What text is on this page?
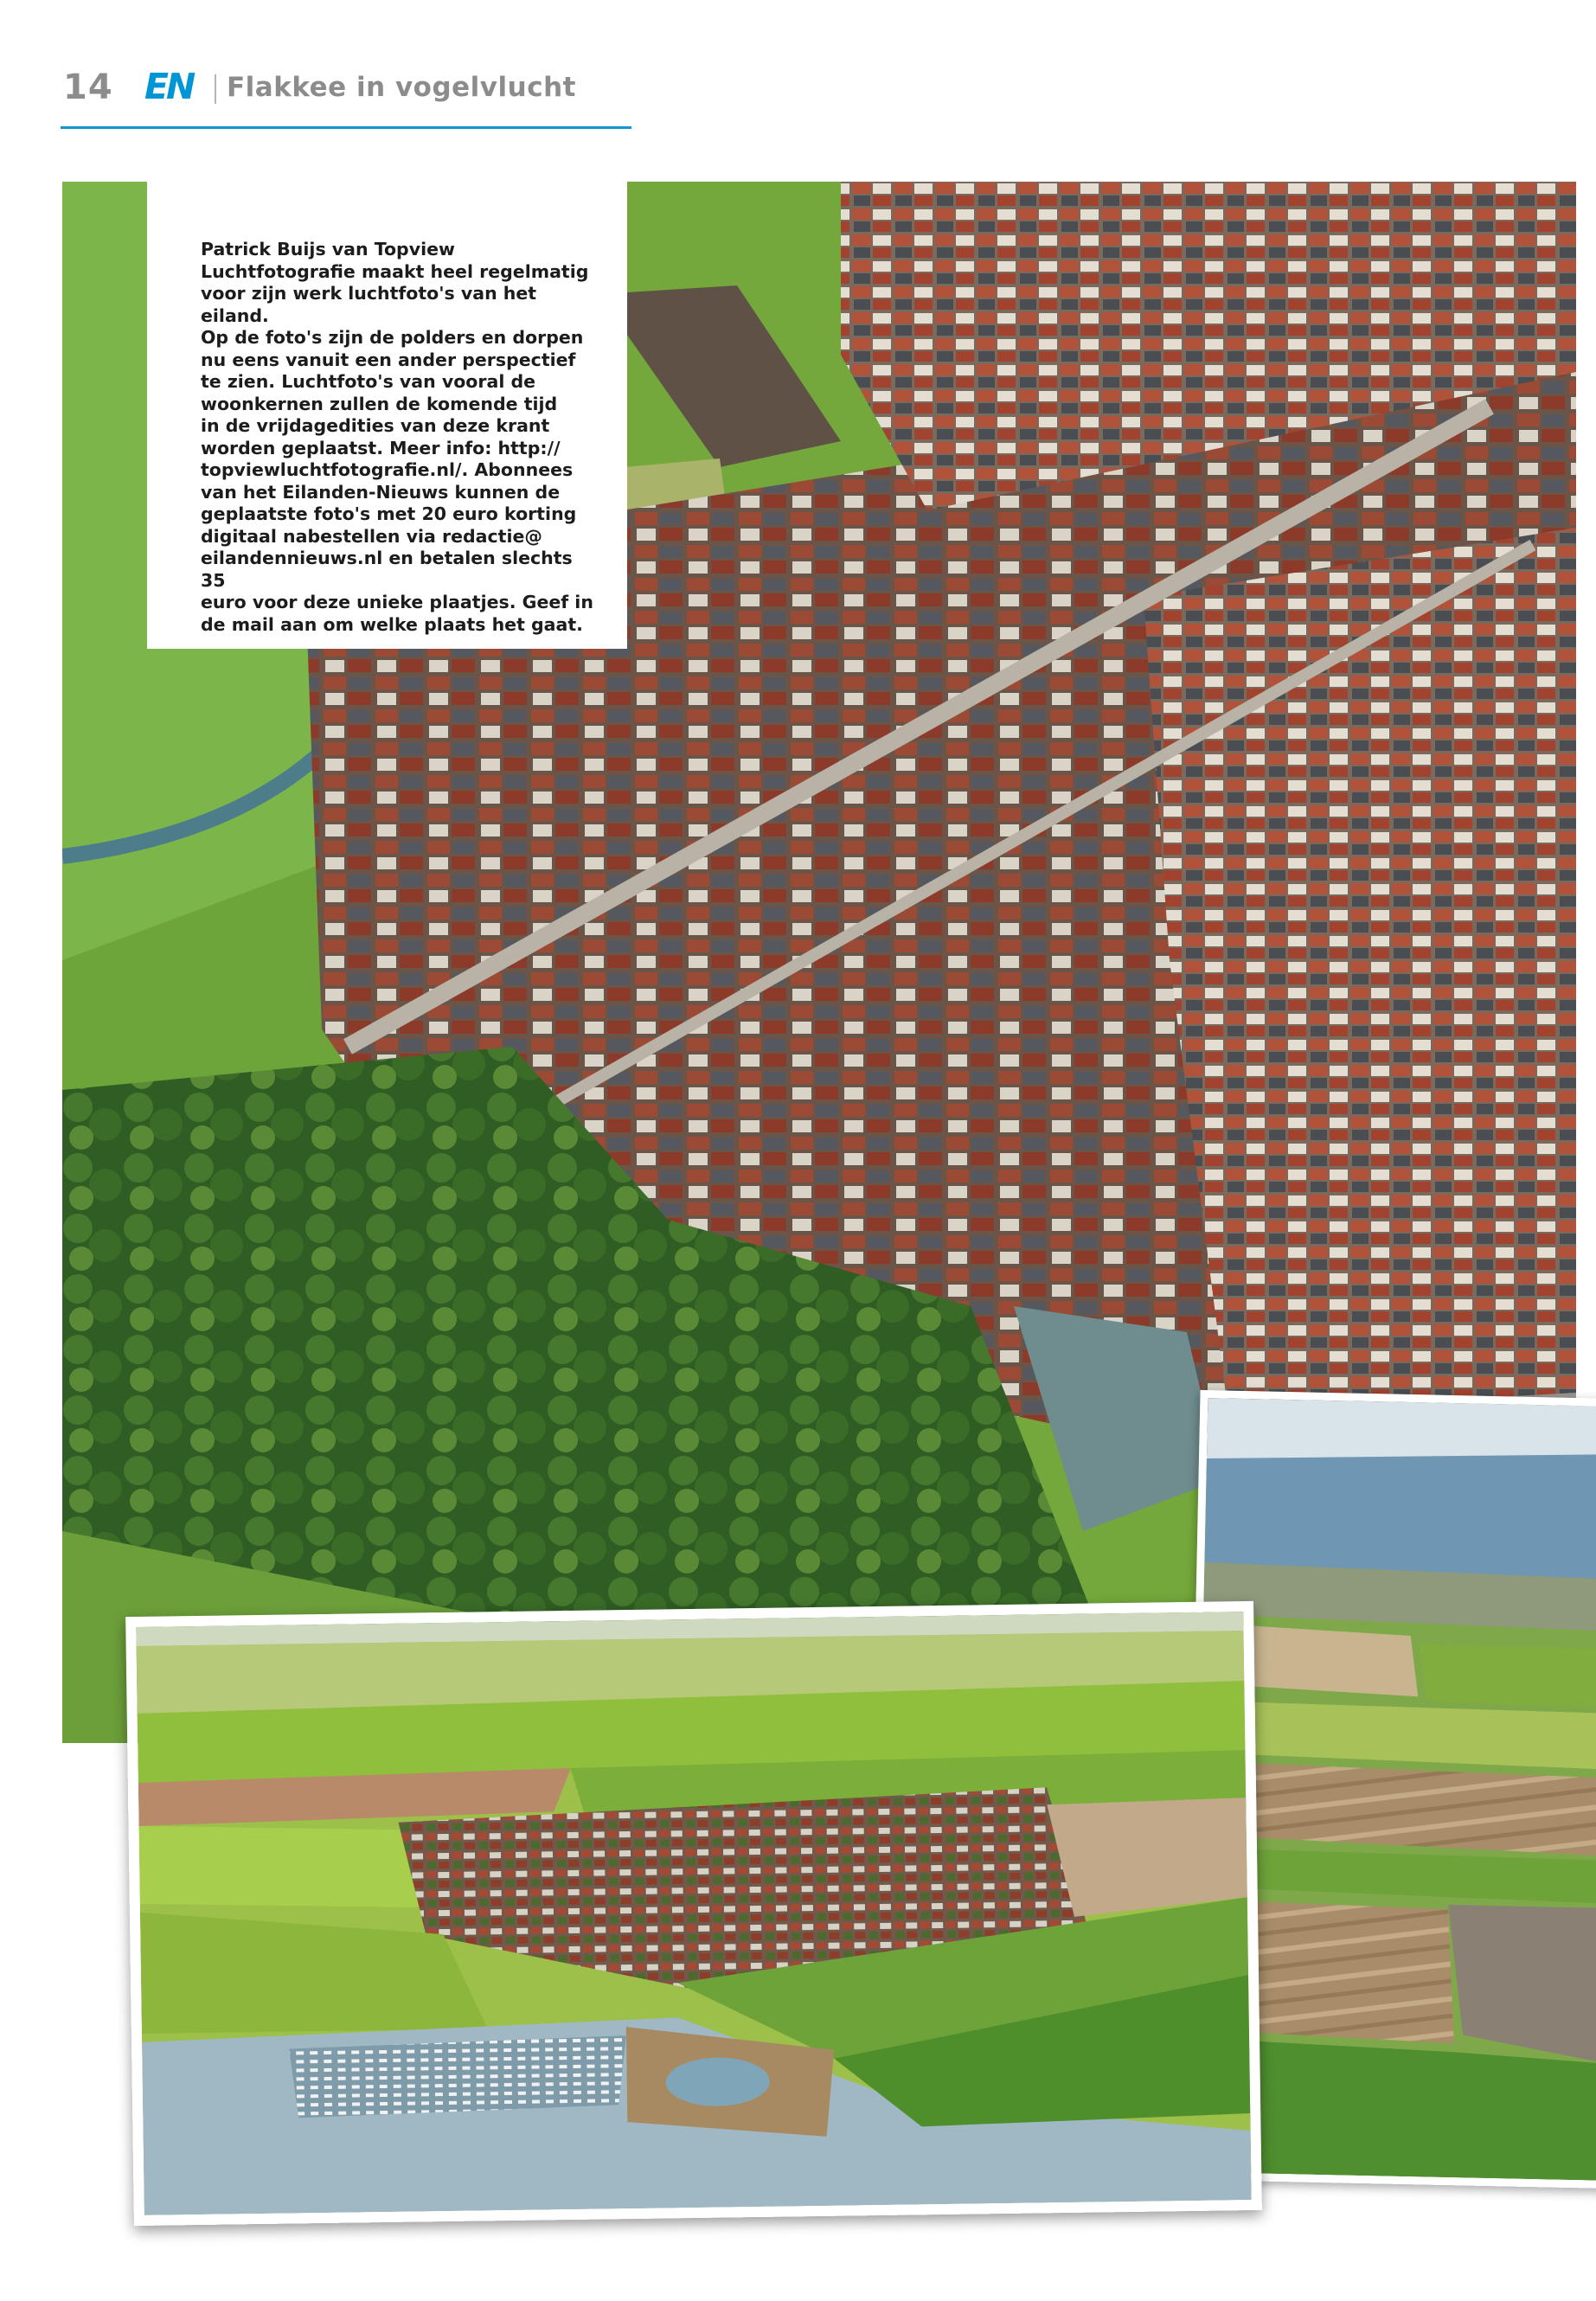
14 EN Flakkee in vogelvlucht

Patrick Buijs van Topview
Luchtfotografie maakt heel regelmatig
voor zijn werk luchtfoto's van het eiland.
Op de foto's zijn de polders en dorpen
nu eens vanuit een ander perspectief
te zien. Luchtfoto's van vooral de
woonkernen zullen de komende tijd
in de vrijdagedities van deze krant
worden geplaatst. Meer info: http://
topviewluchtfotografie.nl/. Abonnees
van het Eilanden-Nieuws kunnen de
geplaatste foto's met 20 euro korting
digitaal nabestellen via redactie@
eilandennieuws.nl en betalen slechts 35
euro voor deze unieke plaatjes. Geef in
de mail aan om welke plaats het gaat.
